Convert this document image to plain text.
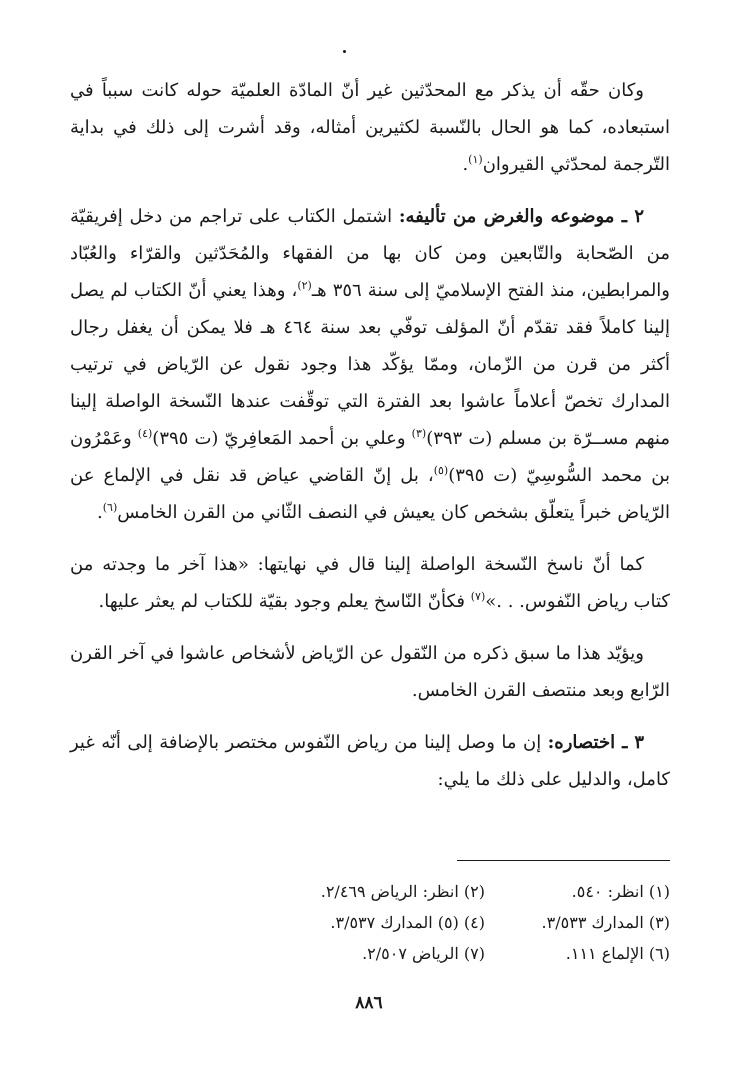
وكان حقّه أن يذكر مع المحدّثين غير أنّ المادّة العلميّة حوله كانت سبباً في استبعاده، كما هو الحال بالنّسبة لكثيرين أمثاله، وقد أشرت إلى ذلك في بداية التّرجمة لمحدّثي القيروان$^{(١)}$.

٢ ـ موضوعه والغرض من تأليفه: اشتمل الكتاب على تراجم من دخل إفريقيّة من الصّحابة والتّابعين ومن كان بها من الفقهاء والمُحَدّثين والقرّاء والعُبّاد والمرابطين، منذ الفتح الإسلاميّ إلى سنة ٣٥٦ هـ$^{(٢)}$، وهذا يعني أنّ الكتاب لم يصل إلينا كاملاً فقد تقدّم أنّ المؤلف توفّي بعد سنة ٤٦٤ هـ فلا يمكن أن يغفل رجال أكثر من قرن من الزّمان، وممّا يؤكّد هذا وجود نقول عن الرّياض في ترتيب المدارك تخصّ أعلاماً عاشوا بعد الفترة التي توقّفت عندها النّسخة الواصلة إلينا منهم مســرّة بن مسلم (ت ٣٩٣)$^{(٣)}$ وعلي بن أحمد المَعافِريّ (ت ٣٩٥)$^{(٤)}$ وعَمْرُون بن محمد السُّوسِيّ (ت ٣٩٥)$^{(٥)}$، بل إنّ القاضي عياض قد نقل في الإلماع عن الرّياض خبراً يتعلّق بشخص كان يعيش في النصف الثّاني من القرن الخامس$^{(٦)}$.

كما أنّ ناسخ النّسخة الواصلة إلينا قال في نهايتها: «هذا آخر ما وجدته من كتاب رياض النّفوس. . .»$^{(٧)}$ فكأنّ النّاسخ يعلم وجود بقيّة للكتاب لم يعثر عليها.

ويؤيّد هذا ما سبق ذكره من النّقول عن الرّياض لأشخاص عاشوا في آخر القرن الرّابع وبعد منتصف القرن الخامس.

٣ ـ اختصاره: إن ما وصل إلينا من رياض النّفوس مختصر بالإضافة إلى أنّه غير كامل، والدليل على ذلك ما يلي:

(١) انظر: ٥٤٠.
(٢) انظر: الرياض ٢/٤٦٩.
(٣) المدارك ٣/٥٣٣.
(٤) (٥) المدارك ٣/٥٣٧.
(٦) الإلماع ١١١.
(٧) الرياض ٢/٥٠٧.
٨٨٦
